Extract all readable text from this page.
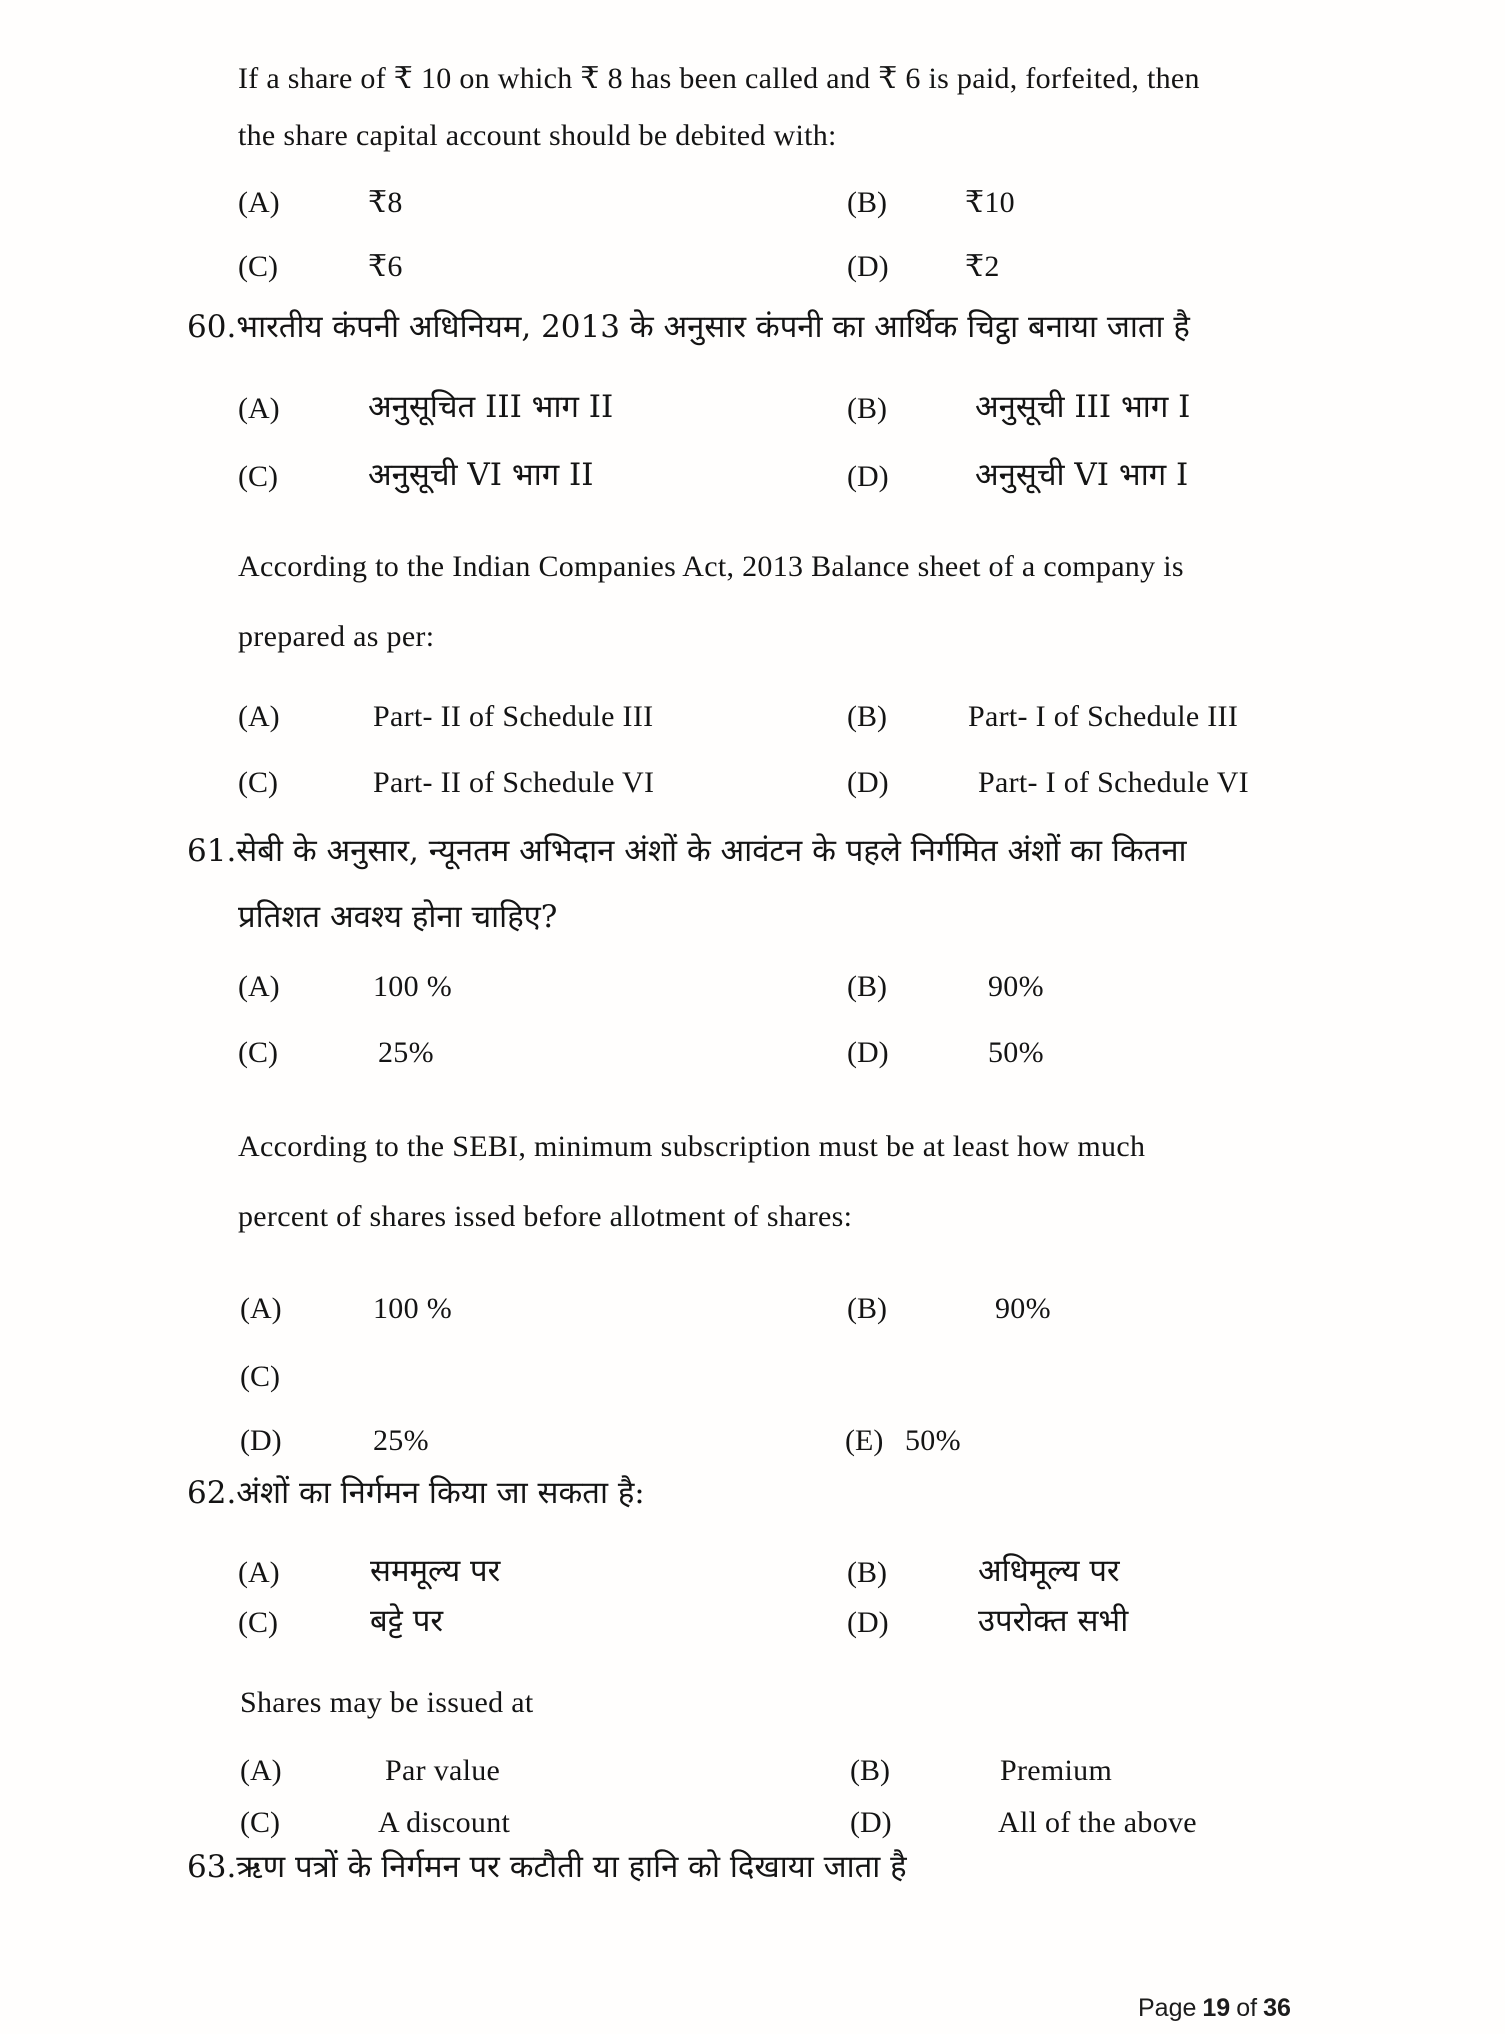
If a share of ₹ 10 on which ₹ 8 has been called and ₹ 6 is paid, forfeited, then
the share capital account should be debited with:
(A)	₹8	(B)	₹10
(C)	₹6	(D)	₹2
60.भारतीय कंपनी अधिनियम, 2013 के अनुसार कंपनी का आर्थिक चिट्ठा बनाया जाता है
(A)	अनुसूचित III भाग II	(B)	अनुसूची III भाग I
(C)	अनुसूची VI भाग II	(D)	अनुसूची VI भाग I
According to the Indian Companies Act, 2013 Balance sheet of a company is
prepared as per:
(A)	Part- II of Schedule III	(B)	Part- I of Schedule III
(C)	Part- II of Schedule VI	(D)	Part- I of Schedule VI
61.सेबी के अनुसार, न्यूनतम अभिदान अंशों के आवंटन के पहले निर्गमित अंशों का कितना
प्रतिशत अवश्य होना चाहिए?
(A)	100 %	(B)	90%
(C)	25%	(D)	50%
According to the SEBI, minimum subscription must be at least how much
percent of shares issed before allotment of shares:
(A)	100 %	(B)	90%
(C)
(D)	25%	(E) 50%
62.अंशों का निर्गमन किया जा सकता है:
(A)	सममूल्य पर	(B)	अधिमूल्य पर
(C)	बट्टे पर	(D)	उपरोक्त सभी
Shares may be issued at
(A)	Par value	(B)	Premium
(C)	A discount	(D)	All of the above
63.ऋण पत्रों के निर्गमन पर कटौती या हानि को दिखाया जाता है
Page 19 of 36
